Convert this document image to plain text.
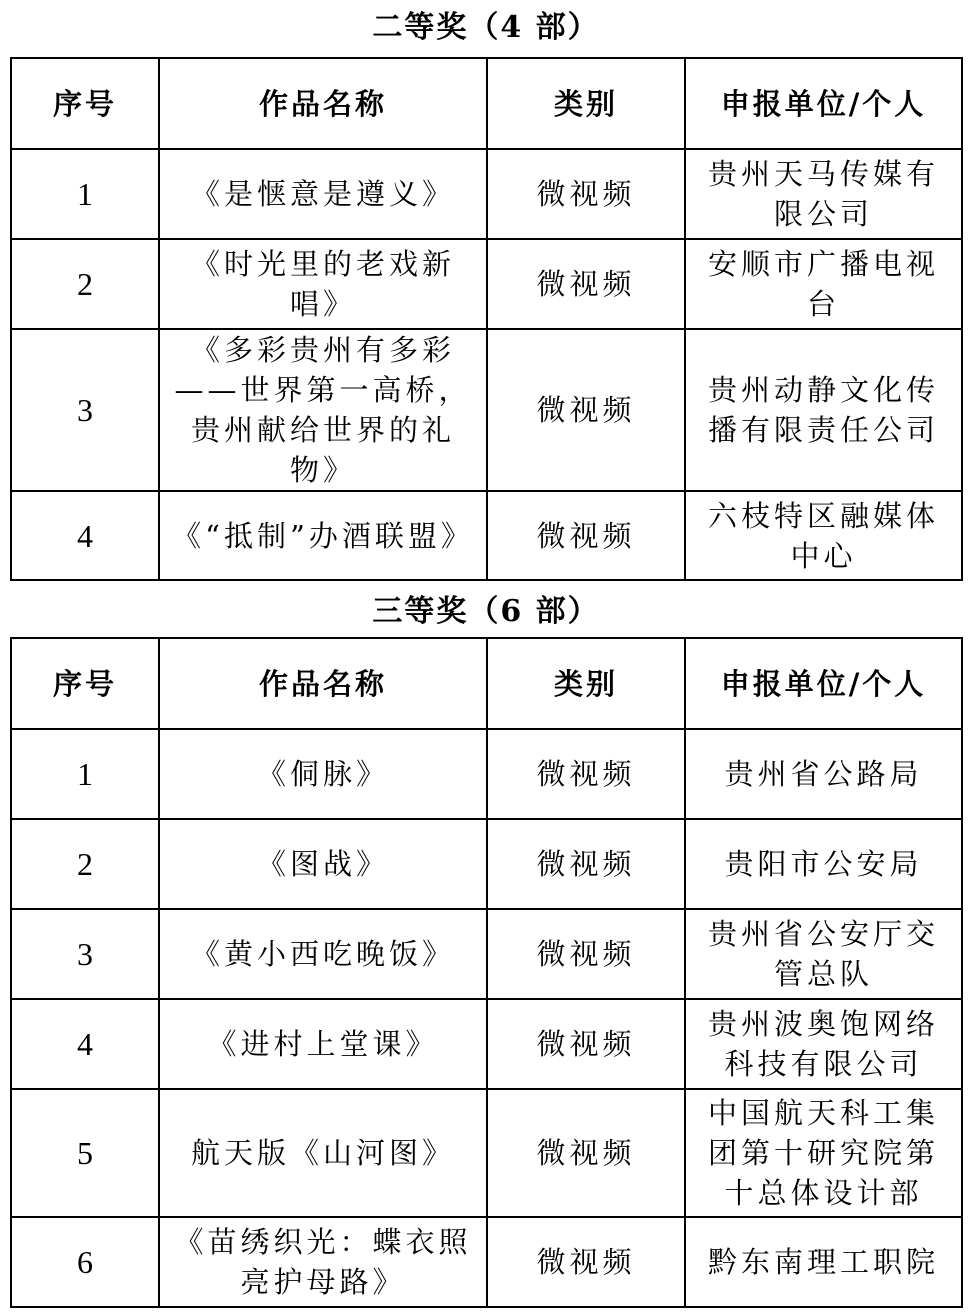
二等奖（4 部）
序号	作品名称	类别	申报单位/个人
1	《是惬意是遵义》	微视频	贵州天马传媒有限公司
2	《时光里的老戏新唱》	微视频	安顺市广播电视台
3	《多彩贵州有多彩——世界第一高桥，贵州献给世界的礼物》	微视频	贵州动静文化传播有限责任公司
4	《“抵制”办酒联盟》	微视频	六枝特区融媒体中心
三等奖（6 部）
序号	作品名称	类别	申报单位/个人
1	《侗脉》	微视频	贵州省公路局
2	《图战》	微视频	贵阳市公安局
3	《黄小西吃晚饭》	微视频	贵州省公安厅交管总队
4	《进村上堂课》	微视频	贵州波奥饱网络科技有限公司
5	航天版《山河图》	微视频	中国航天科工集团第十研究院第十总体设计部
6	《苗绣织光：蝶衣照亮护母路》	微视频	黔东南理工职院
